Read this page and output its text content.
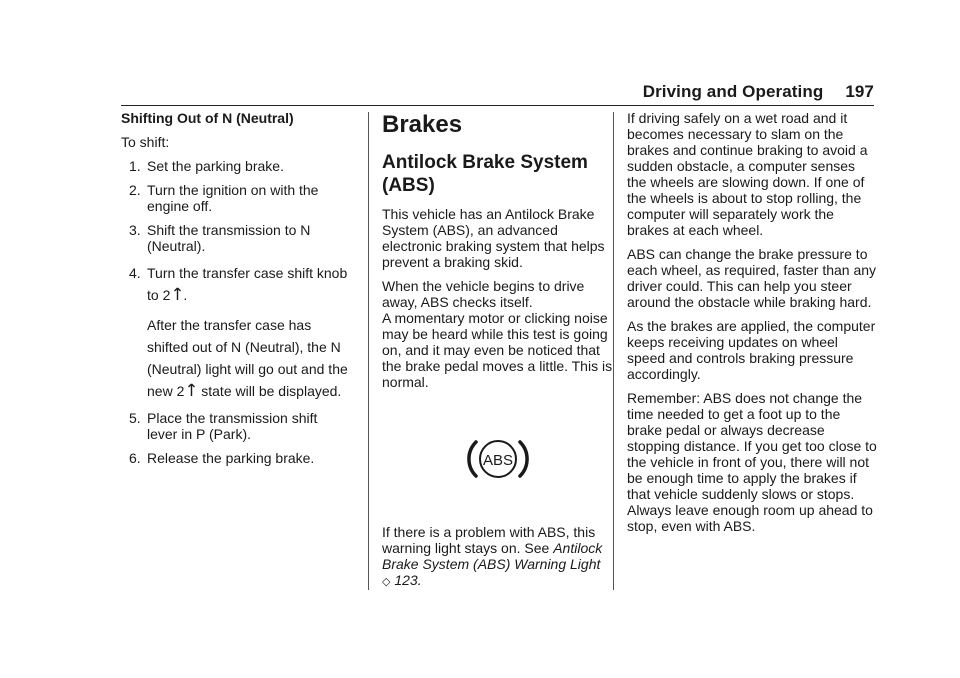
Driving and Operating 197
Shifting Out of N (Neutral)

To shift:

1. Set the parking brake.
2. Turn the ignition on with the engine off.
3. Shift the transmission to N (Neutral).
4. Turn the transfer case shift knob to 2 .
After the transfer case has shifted out of N (Neutral), the N (Neutral) light will go out and the new 2 state will be displayed.
5. Place the transmission shift lever in P (Park).
6. Release the parking brake.
Brakes
Antilock Brake System (ABS)

This vehicle has an Antilock Brake System (ABS), an advanced electronic braking system that helps prevent a braking skid.

When the vehicle begins to drive away, ABS checks itself.

A momentary motor or clicking noise may be heard while this test is going on, and it may even be noticed that the brake pedal moves a little. This is normal.

ABS

If there is a problem with ABS, this warning light stays on. See Antilock Brake System (ABS) Warning Light
◇ 123.

If driving safely on a wet road and it becomes necessary to slam on the brakes and continue braking to avoid a sudden obstacle, a computer senses the wheels are slowing down. If one of the wheels is about to stop rolling, the computer will separately work the brakes at each wheel.

ABS can change the brake pressure to each wheel, as required, faster than any driver could. This can help you steer around the obstacle while braking hard.

As the brakes are applied, the computer keeps receiving updates on wheel speed and controls braking pressure accordingly.

Remember: ABS does not change the time needed to get a foot up to the brake pedal or always decrease stopping distance. If you get too close to the vehicle in front of you, there will not be enough time to apply the brakes if that vehicle suddenly slows or stops. Always leave enough room up ahead to stop, even with ABS.
